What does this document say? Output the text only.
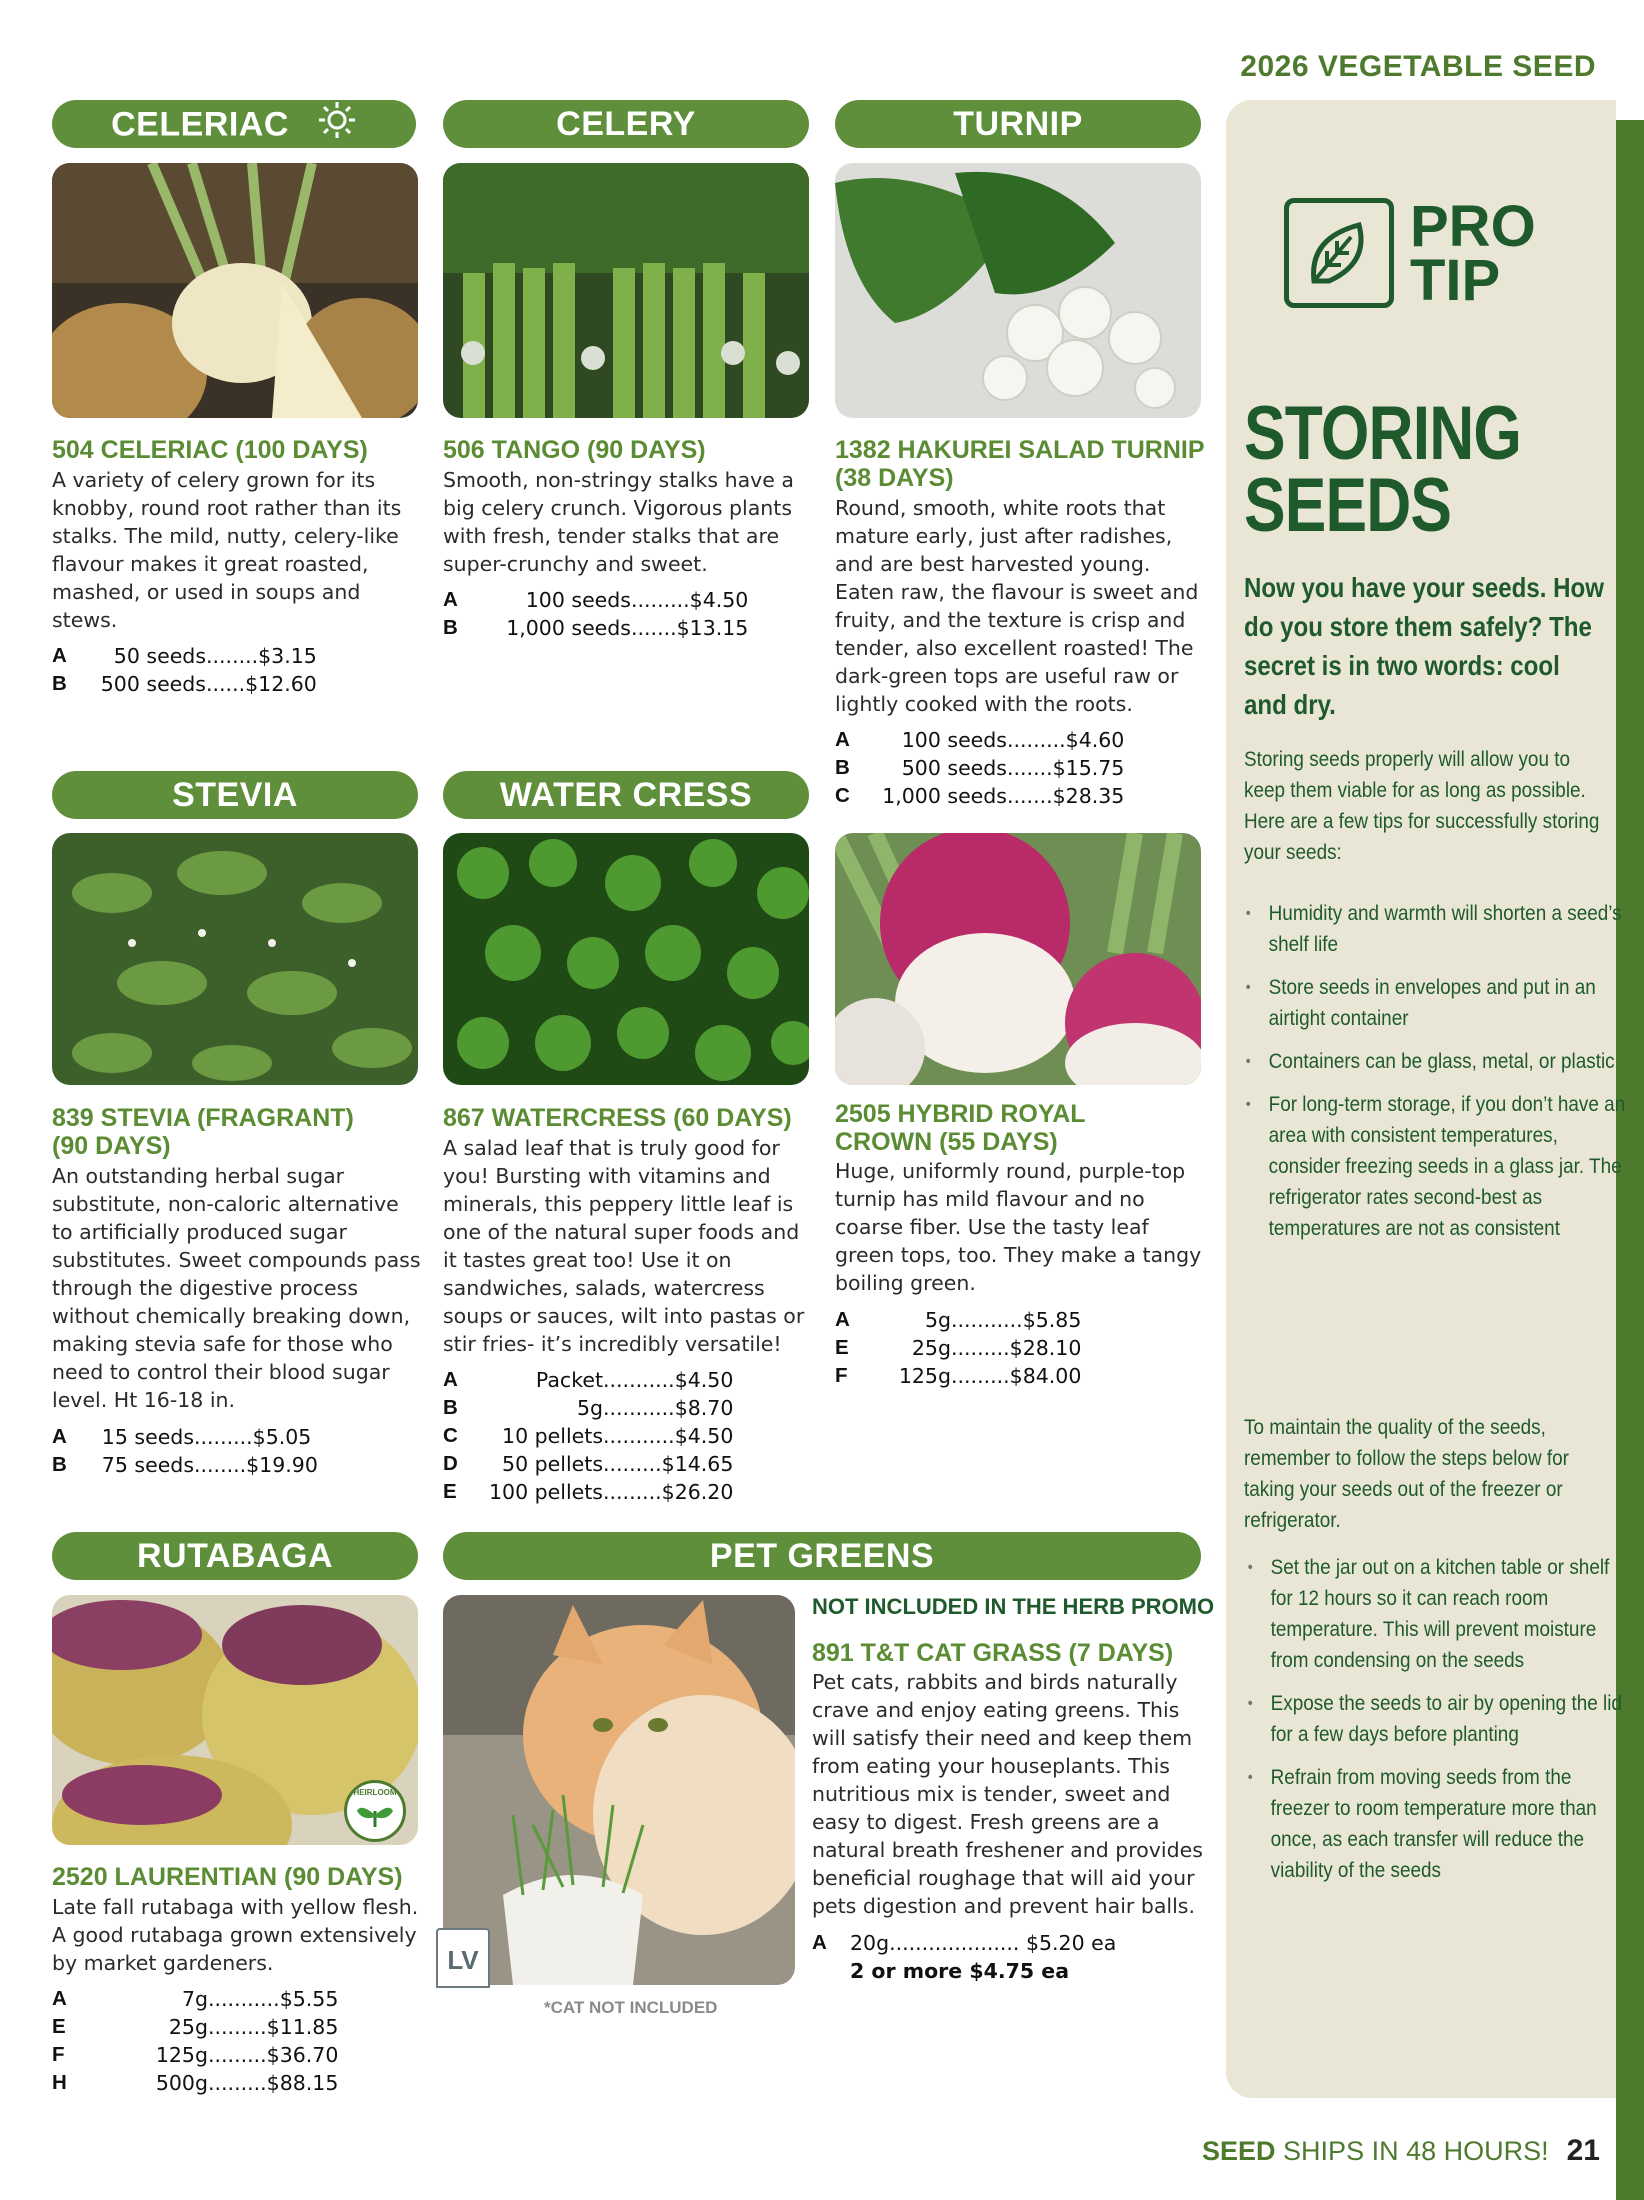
2026 VEGETABLE SEED
CELERIAC	CELERY	TURNIP
504 CELERIAC (100 DAYS)
A variety of celery grown for its knobby, round root rather than its stalks. The mild, nutty, celery-like flavour makes it great roasted, mashed, or used in soups and stews.
A	50 seeds ........ $3.15
B	500 seeds ...... $12.60
506 TANGO (90 DAYS)
Smooth, non-stringy stalks have a big celery crunch. Vigorous plants with fresh, tender stalks that are super-crunchy and sweet.
A	100 seeds ......... $4.50
B	1,000 seeds ....... $13.15
1382 HAKUREI SALAD TURNIP
(38 DAYS)
Round, smooth, white roots that mature early, just after radishes, and are best harvested young. Eaten raw, the flavour is sweet and fruity, and the texture is crisp and tender, also excellent roasted! The dark-green tops are useful raw or lightly cooked with the roots.
A	100 seeds ......... $4.60
B	500 seeds ....... $15.75
C	1,000 seeds ....... $28.35
STEVIA	WATER CRESS
839 STEVIA (FRAGRANT)
(90 DAYS)
An outstanding herbal sugar substitute, non-caloric alternative to artificially produced sugar substitutes. Sweet compounds pass through the digestive process without chemically breaking down, making stevia safe for those who need to control their blood sugar level. Ht 16-18 in.
A	15 seeds ......... $5.05
B	75 seeds ........ $19.90
867 WATERCRESS (60 DAYS)
A salad leaf that is truly good for you! Bursting with vitamins and minerals, this peppery little leaf is one of the natural super foods and it tastes great too! Use it on sandwiches, salads, watercress soups or sauces, wilt into pastas or stir fries- it’s incredibly versatile!
A	Packet ........... $4.50
B	5g ........... $8.70
C	10 pellets ........... $4.50
D	50 pellets ......... $14.65
E	100 pellets ......... $26.20
2505 HYBRID ROYAL
CROWN (55 DAYS)
Huge, uniformly round, purple-top turnip has mild flavour and no coarse fiber. Use the tasty leaf green tops, too. They make a tangy boiling green.
A	5g ........... $5.85
E	25g ......... $28.10
F	125g ......... $84.00
RUTABAGA	PET GREENS
HEIRLOOM
2520 LAURENTIAN (90 DAYS)
Late fall rutabaga with yellow flesh. A good rutabaga grown extensively by market gardeners.
A	7g ........... $5.55
E	25g ......... $11.85
F	125g ......... $36.70
H	500g ......... $88.15
LV
*CAT NOT INCLUDED
NOT INCLUDED IN THE HERB PROMO
891 T&T CAT GRASS (7 DAYS)
Pet cats, rabbits and birds naturally crave and enjoy eating greens. This will satisfy their need and keep them from eating your houseplants. This nutritious mix is tender, sweet and easy to digest. Fresh greens are a natural breath freshener and provides beneficial roughage that will aid your pets digestion and prevent hair balls.
A	20g.................... $5.20 ea
2 or more $4.75 ea
PRO
TIP
STORING
SEEDS
Now you have your seeds. How do you store them safely? The secret is in two words: cool and dry.
Storing seeds properly will allow you to keep them viable for as long as possible. Here are a few tips for successfully storing your seeds:
• Humidity and warmth will shorten a seed’s shelf life
• Store seeds in envelopes and put in an airtight container
• Containers can be glass, metal, or plastic
• For long-term storage, if you don’t have an area with consistent temperatures, consider freezing seeds in a glass jar. The refrigerator rates second-best as temperatures are not as consistent
To maintain the quality of the seeds, remember to follow the steps below for taking your seeds out of the freezer or refrigerator.
• Set the jar out on a kitchen table or shelf for 12 hours so it can reach room temperature. This will prevent moisture from condensing on the seeds
• Expose the seeds to air by opening the lid for a few days before planting
• Refrain from moving seeds from the freezer to room temperature more than once, as each transfer will reduce the viability of the seeds
SEED SHIPS IN 48 HOURS! 21
